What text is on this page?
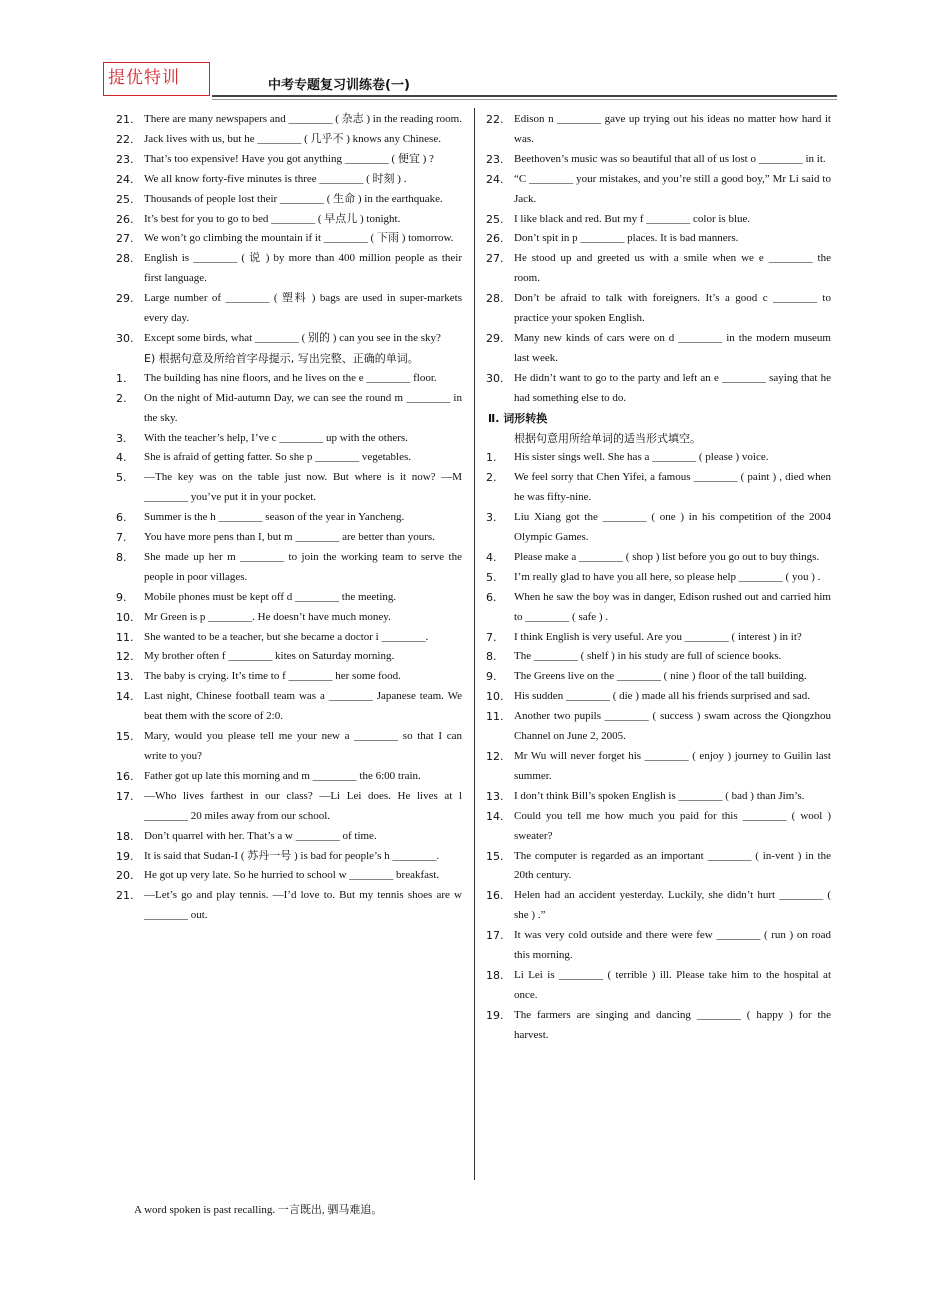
提优特训	中考专题复习训练卷(一)
21. There are many newspapers and ________ ( 杂志 ) in the reading room.
22. Jack lives with us, but he ________ ( 几乎不 ) knows any Chinese.
23. That’s too expensive! Have you got anything ________ ( 便宜 ) ?
24. We all know forty-five minutes is three ________ ( 时刻 ) .
25. Thousands of people lost their ________ ( 生命 ) in the earthquake.
26. It’s best for you to go to bed ________ ( 早点儿 ) tonight.
27. We won’t go climbing the mountain if it ________ ( 下雨 ) tomorrow.
28. English is ________ ( 说 ) by more than 400 million people as their first language.
29. Large number of ________ ( 塑料 ) bags are used in super-markets every day.
30. Except some birds, what ________ ( 别的 ) can you see in the sky?
E) 根据句意及所给首字母提示, 写出完整、正确的单词。
1. The building has nine floors, and he lives on the e ________ floor.
2. On the night of Mid-autumn Day, we can see the round m ________ in the sky.
3. With the teacher’s help, I’ve c ________ up with the others.
4. She is afraid of getting fatter. So she p ________ vegetables.
5. —The key was on the table just now. But where is it now? —M ________ you’ve put it in your pocket.
6. Summer is the h ________ season of the year in Yancheng.
7. You have more pens than I, but m ________ are better than yours.
8. She made up her m ________ to join the working team to serve the people in poor villages.
9. Mobile phones must be kept off d ________ the meeting.
10. Mr Green is p ________. He doesn’t have much money.
11. She wanted to be a teacher, but she became a doctor i ________.
12. My brother often f ________ kites on Saturday morning.
13. The baby is crying. It’s time to f ________ her some food.
14. Last night, Chinese football team was a ________ Japanese team. We beat them with the score of 2:0.
15. Mary, would you please tell me your new a ________ so that I can write to you?
16. Father got up late this morning and m ________ the 6:00 train.
17. —Who lives farthest in our class? —Li Lei does. He lives at l ________ 20 miles away from our school.
18. Don’t quarrel with her. That’s a w ________ of time.
19. It is said that Sudan-I ( 苏丹一号 ) is bad for people’s h ________.
20. He got up very late. So he hurried to school w ________ breakfast.
21. —Let’s go and play tennis. —I’d love to. But my tennis shoes are w ________ out.
22. Edison n ________ gave up trying out his ideas no matter how hard it was.
23. Beethoven’s music was so beautiful that all of us lost o ________ in it.
24. “C ________ your mistakes, and you’re still a good boy,” Mr Li said to Jack.
25. I like black and red. But my f ________ color is blue.
26. Don’t spit in p ________ places. It is bad manners.
27. He stood up and greeted us with a smile when we e ________ the room.
28. Don’t be afraid to talk with foreigners. It’s a good c ________ to practice your spoken English.
29. Many new kinds of cars were on d ________ in the modern museum last week.
30. He didn’t want to go to the party and left an e ________ saying that he had something else to do.
Ⅱ. 词形转换
根据句意用所给单词的适当形式填空。
1. His sister sings well. She has a ________ ( please ) voice.
2. We feel sorry that Chen Yifei, a famous ________ ( paint ) , died when he was fifty-nine.
3. Liu Xiang got the ________ ( one ) in his competition of the 2004 Olympic Games.
4. Please make a ________ ( shop ) list before you go out to buy things.
5. I’m really glad to have you all here, so please help ________ ( you ) .
6. When he saw the boy was in danger, Edison rushed out and carried him to ________ ( safe ) .
7. I think English is very useful. Are you ________ ( interest ) in it?
8. The ________ ( shelf ) in his study are full of science books.
9. The Greens live on the ________ ( nine ) floor of the tall building.
10. His sudden ________ ( die ) made all his friends surprised and sad.
11. Another two pupils ________ ( success ) swam across the Qiongzhou Channel on June 2, 2005.
12. Mr Wu will never forget his ________ ( enjoy ) journey to Guilin last summer.
13. I don’t think Bill’s spoken English is ________ ( bad ) than Jim’s.
14. Could you tell me how much you paid for this ________ ( wool ) sweater?
15. The computer is regarded as an important ________ ( in-vent ) in the 20th century.
16. Helen had an accident yesterday. Luckily, she didn’t hurt ________ ( she ) .”
17. It was very cold outside and there were few ________ ( run ) on road this morning.
18. Li Lei is ________ ( terrible ) ill. Please take him to the hospital at once.
19. The farmers are singing and dancing ________ ( happy ) for the harvest.
A word spoken is past recalling. 一言既出, 驷马难追。
